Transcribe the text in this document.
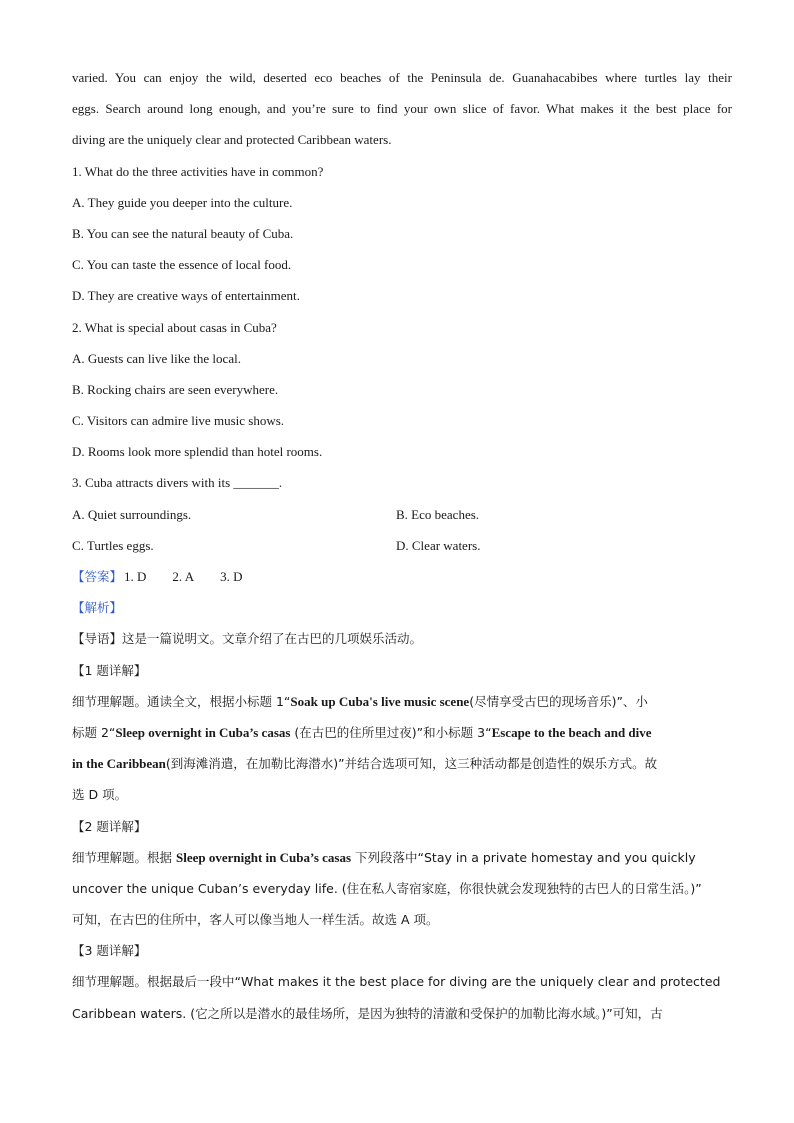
varied. You can enjoy the wild, deserted eco beaches of the Peninsula de. Guanahacabibes where turtles lay their
eggs. Search around long enough, and you’re sure to find your own slice of favor. What makes it the best place for
diving are the uniquely clear and protected Caribbean waters.
1. What do the three activities have in common?
A. They guide you deeper into the culture.
B. You can see the natural beauty of Cuba.
C. You can taste the essence of local food.
D. They are creative ways of entertainment.
2. What is special about casas in Cuba?
A. Guests can live like the local.
B. Rocking chairs are seen everywhere.
C. Visitors can admire live music shows.
D. Rooms look more splendid than hotel rooms.
3. Cuba attracts divers with its _______.
A. Quiet surroundings.	B. Eco beaches.
C. Turtles eggs.	D. Clear waters.
【答案】 1. D 2. A 3. D
【解析】
【导语】这是一篇说明文。文章介绍了在古巴的几项娱乐活动。
【1 题详解】
细节理解题。通读全文，根据小标题 1“Soak up Cuba's live music scene(尽情享受古巴的现场音乐)”、小
标题 2“Sleep overnight in Cuba’s casas (在古巴的住所里过夜)”和小标题 3“Escape to the beach and dive
in the Caribbean(到海滩消遣，在加勒比海潜水)”并结合选项可知，这三种活动都是创造性的娱乐方式。故
选 D 项。
【2 题详解】
细节理解题。根据 Sleep overnight in Cuba’s casas 下列段落中“Stay in a private homestay and you quickly
uncover the unique Cuban’s everyday life. (住在私人寄宿家庭，你很快就会发现独特的古巴人的日常生活。)”
可知，在古巴的住所中，客人可以像当地人一样生活。故选 A 项。
【3 题详解】
细节理解题。根据最后一段中“What makes it the best place for diving are the uniquely clear and protected
Caribbean waters. (它之所以是潜水的最佳场所，是因为独特的清澈和受保护的加勒比海水域。)”可知，古
